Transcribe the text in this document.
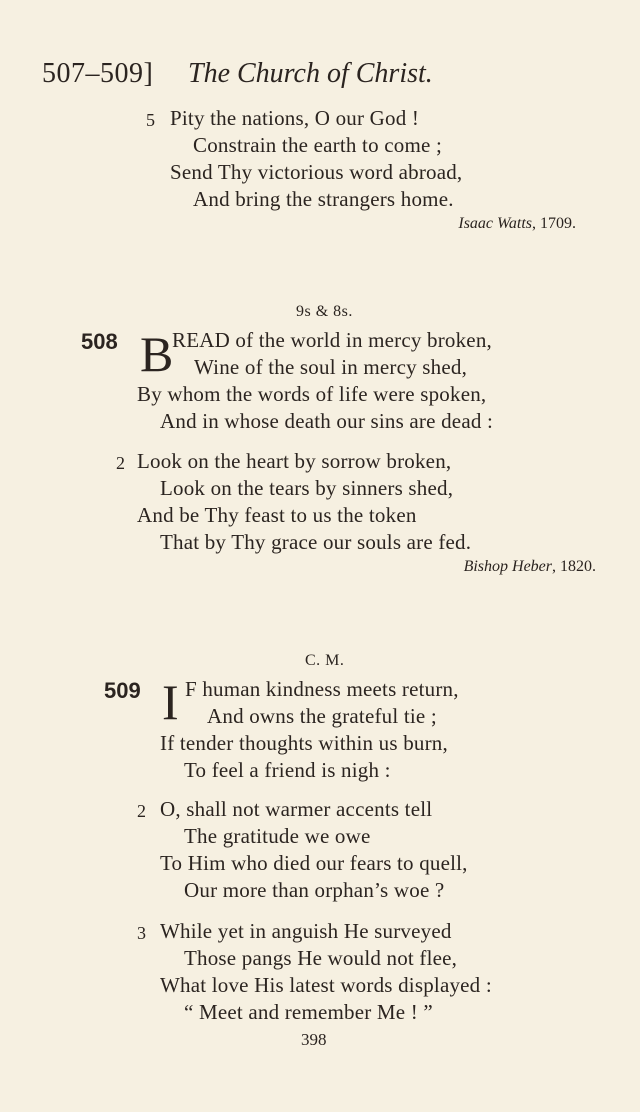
507–509] The Church of Christ.
5 Pity the nations, O our God !
Constrain the earth to come ;
Send Thy victorious word abroad,
And bring the strangers home.
Isaac Watts, 1709.
9s & 8s.
508 B
READ of the world in mercy broken,
Wine of the soul in mercy shed,
By whom the words of life were spoken,
And in whose death our sins are dead :
2 Look on the heart by sorrow broken,
Look on the tears by sinners shed,
And be Thy feast to us the token
That by Thy grace our souls are fed.
Bishop Heber, 1820.
C. M.
509 I F human kindness meets return,
And owns the grateful tie ;
If tender thoughts within us burn,
To feel a friend is nigh :
2 O, shall not warmer accents tell
The gratitude we owe
To Him who died our fears to quell,
Our more than orphan’s woe ?
3 While yet in anguish He surveyed
Those pangs He would not flee,
What love His latest words displayed :
“ Meet and remember Me ! ”
398
